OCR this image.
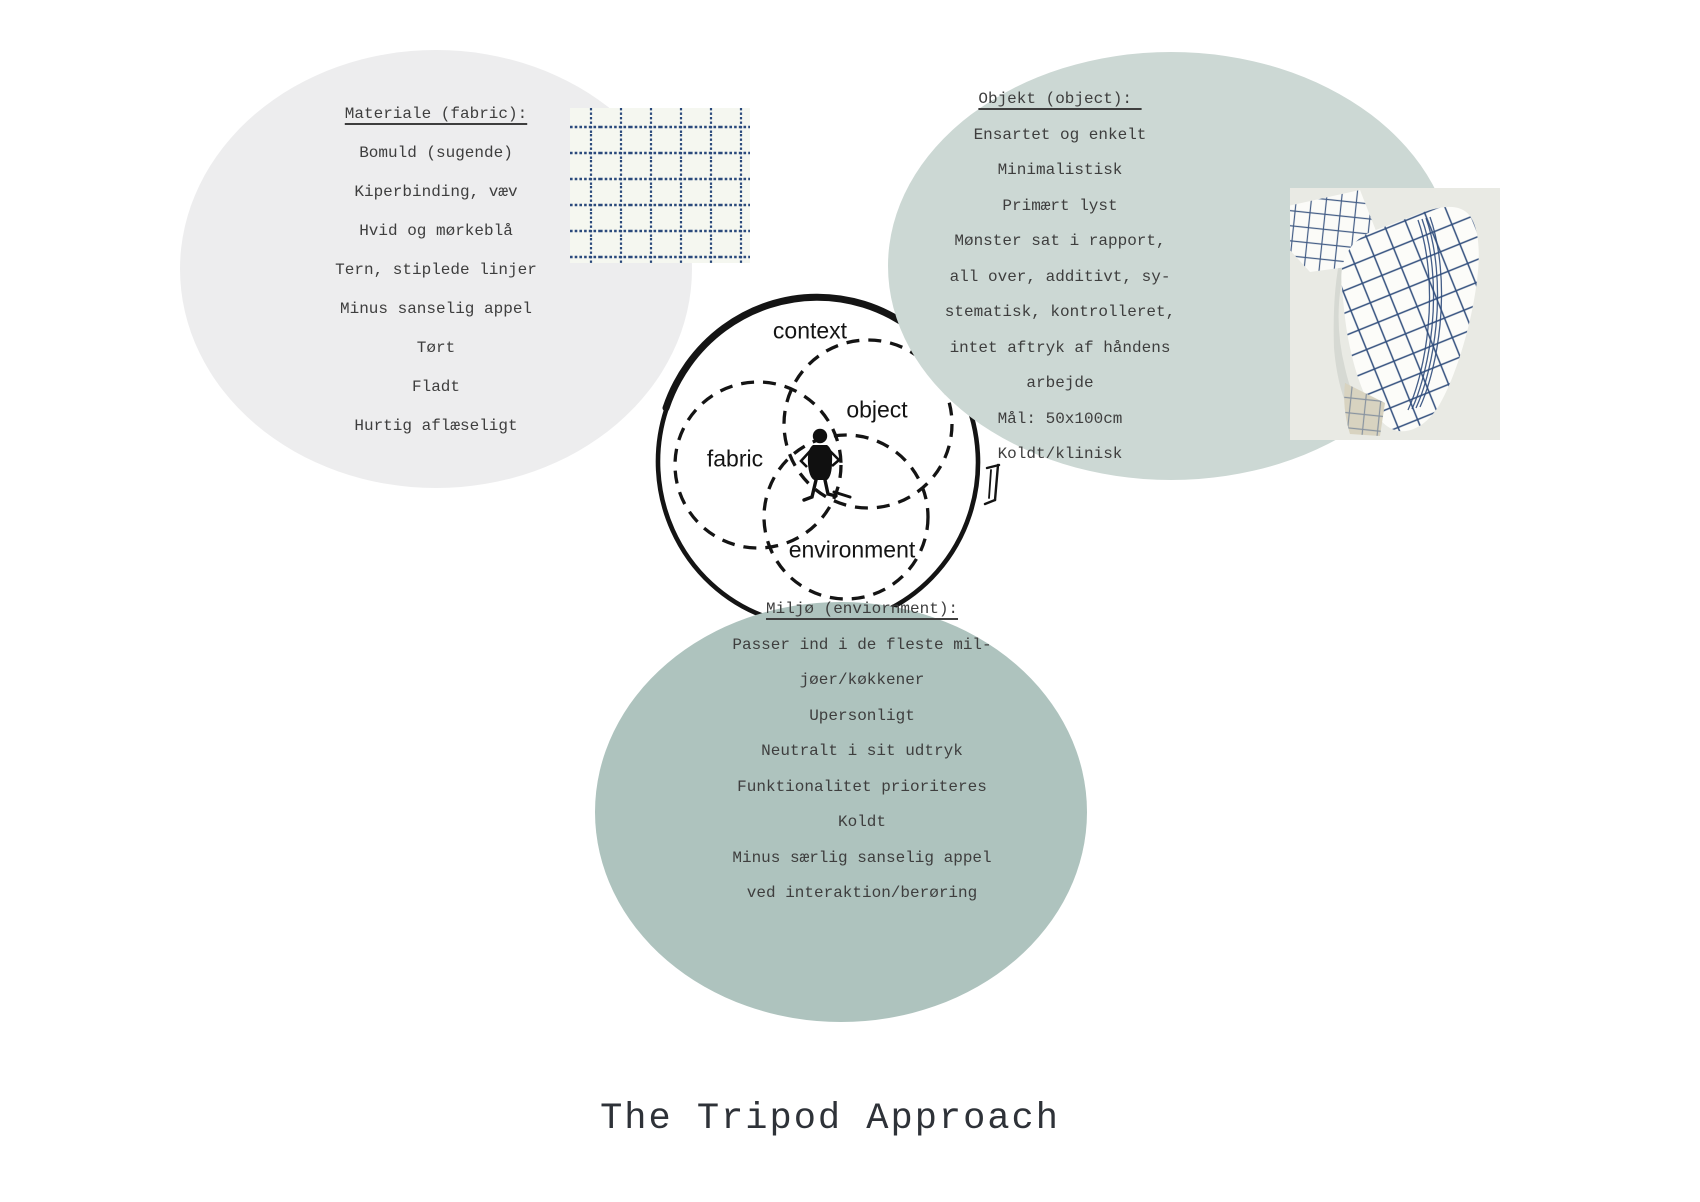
context
object
fabric
environment
Materiale (fabric):
Bomuld (sugende)
Kiperbinding, væv
Hvid og mørkeblå
Tern, stiplede linjer
Minus sanselig appel
Tørt
Fladt
Hurtig aflæseligt
Objekt (object):
Ensartet og enkelt
Minimalistisk
Primært lyst
Mønster sat i rapport,
all over, additivt, sy-
stematisk, kontrolleret,
intet aftryk af håndens
arbejde
Mål: 50x100cm
Koldt/klinisk
Miljø (enviornment):
Passer ind i de fleste mil-
jøer/køkkener
Upersonligt
Neutralt i sit udtryk
Funktionalitet prioriteres
Koldt
Minus særlig sanselig appel
ved interaktion/berøring
The Tripod Approach
